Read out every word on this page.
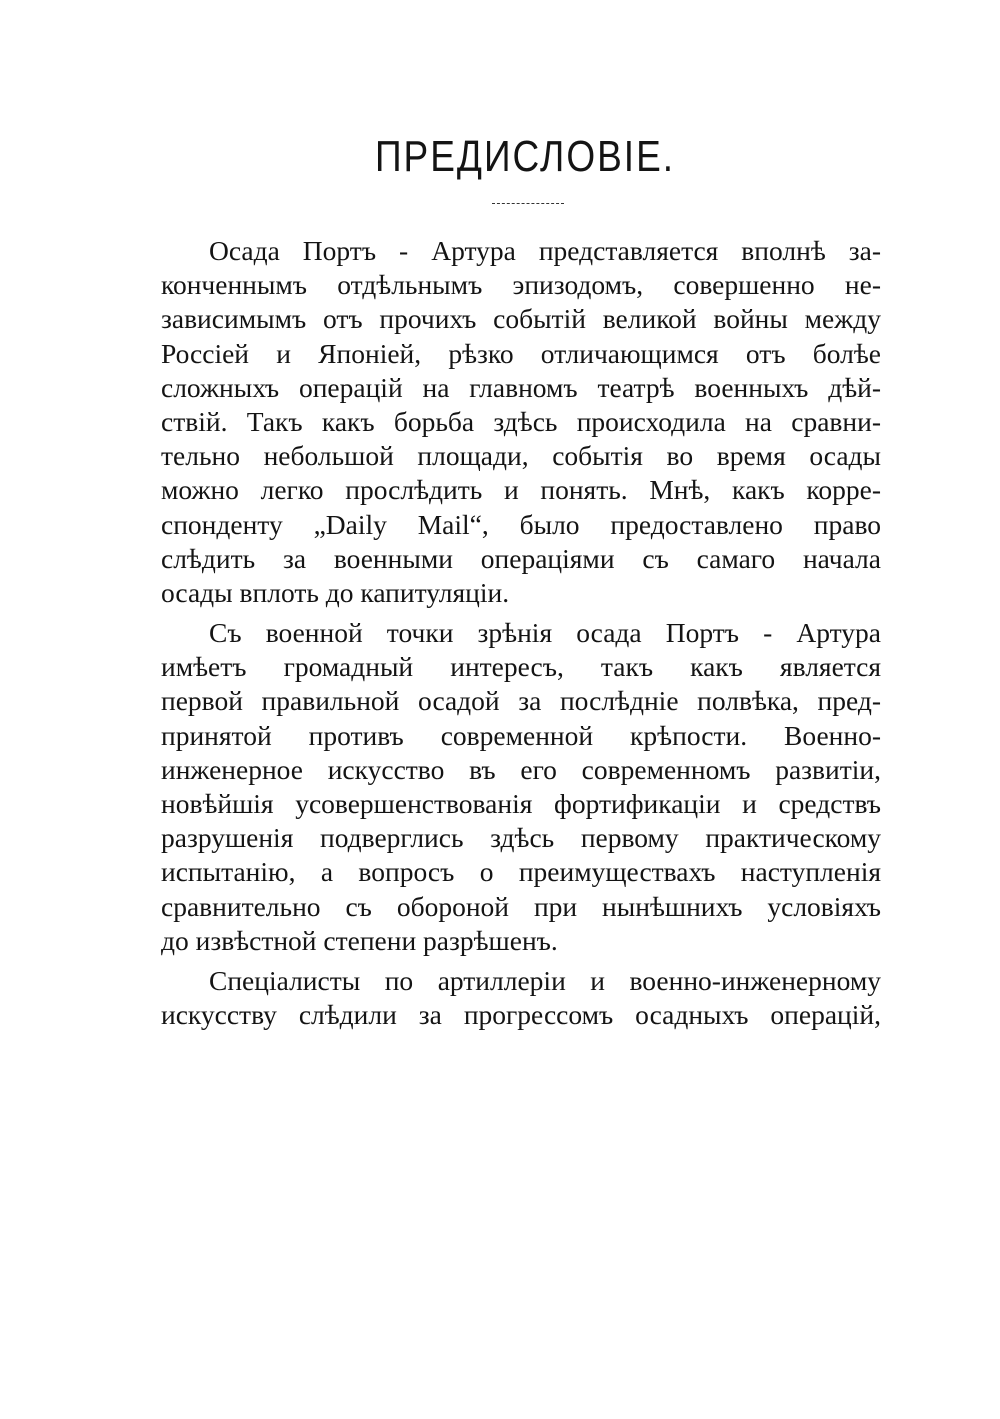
ПРЕДИСЛОВІЕ.
Осада Портъ - Артура представляется вполнѣ за-
конченнымъ отдѣльнымъ эпизодомъ, совершенно не-
зависимымъ отъ прочихъ событій великой войны между
Россіей и Японіей, рѣзко отличающимся отъ болѣе
сложныхъ операцій на главномъ театрѣ военныхъ дѣй-
ствій. Такъ какъ борьба здѣсь происходила на сравни-
тельно небольшой площади, событія во время осады
можно легко прослѣдить и понять. Мнѣ, какъ корре-
спонденту „Daily Mail“, было предоставлено право
слѣдить за военными операціями съ самаго начала
осады вплоть до капитуляціи.
Съ военной точки зрѣнія осада Портъ - Артура
имѣетъ громадный интересъ, такъ какъ является
первой правильной осадой за послѣдніе полвѣка, пред-
принятой противъ современной крѣпости. Военно-
инженерное искусство въ его современномъ развитіи,
новѣйшія усовершенствованія фортификаціи и средствъ
разрушенія подверглись здѣсь первому практическому
испытанію, а вопросъ о преимуществахъ наступленія
сравнительно съ обороной при нынѣшнихъ условіяхъ
до извѣстной степени разрѣшенъ.
Спеціалисты по артиллеріи и военно-инженерному
искусству слѣдили за прогрессомъ осадныхъ операцій,
